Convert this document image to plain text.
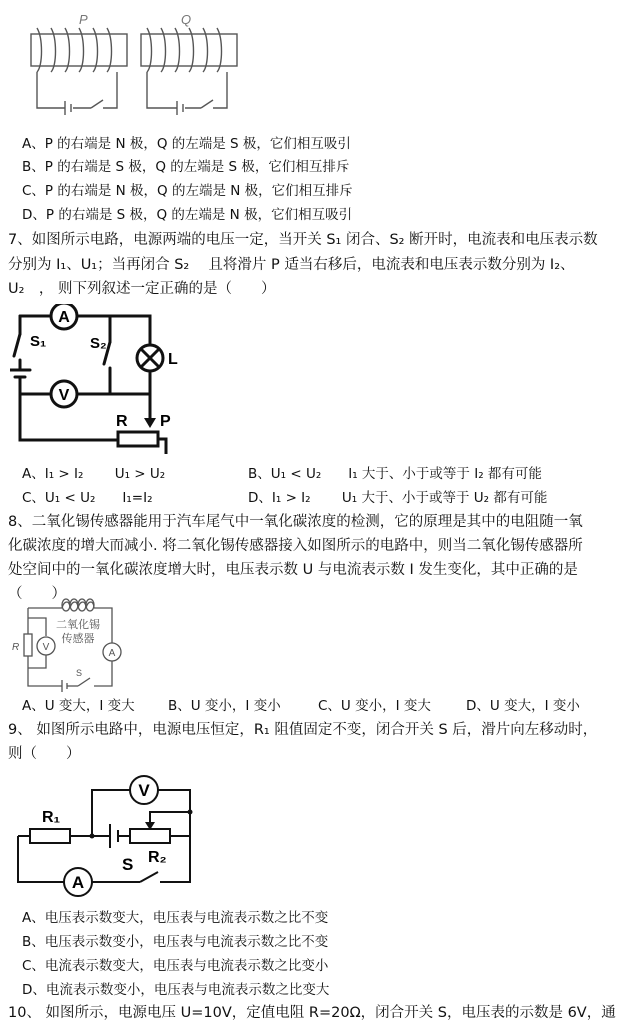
P	Q
A、P 的右端是 N 极，Q 的左端是 S 极，它们相互吸引
B、P 的右端是 S 极，Q 的左端是 S 极，它们相互排斥
C、P 的右端是 N 极，Q 的左端是 N 极，它们相互排斥
D、P 的右端是 S 极，Q 的左端是 N 极，它们相互吸引
7、如图所示电路，电源两端的电压一定，当开关 S₁ 闭合、S₂ 断开时，电流表和电压表示数
分别为 I₁、U₁；当再闭合 S₂　 且将滑片 P 适当右移后，电流表和电压表示数分别为 I₂、
U₂　， 则下列叙述一定正确的是（　　）
A
V
S₁	S₂
L
R P
A、I₁ > I₂　　 U₁ > U₂	B、U₁ < U₂　　I₁ 大于、小于或等于 I₂ 都有可能
C、U₁ < U₂　　I₁=I₂	D、I₁ > I₂　　 U₁ 大于、小于或等于 U₂ 都有可能
8、二氧化锡传感器能用于汽车尾气中一氧化碳浓度的检测，它的原理是其中的电阻随一氧
化碳浓度的增大而减小. 将二氧化锡传感器接入如图所示的电路中，则当二氧化锡传感器所
处空间中的一氧化碳浓度增大时，电压表示数 U 与电流表示数 I 发生变化，其中正确的是
（　　）
二氧化锡
传感器
R V
A
S
A、U 变大，I 变大 B、U 变小，I 变小	C、U 变小，I 变大	D、U 变大，I 变小
9、 如图所示电路中，电源电压恒定，R₁ 阻值固定不变，闭合开关 S 后，滑片向左移动时，
则（　　）
V
R₁
R₂
S
A
A、电压表示数变大，电压表与电流表示数之比不变
B、电压表示数变小，电压表与电流表示数之比不变
C、电流表示数变大，电压表与电流表示数之比变小
D、电流表示数变小，电压表与电流表示数之比变大
10、 如图所示，电源电压 U=10V，定值电阻 R=20Ω，闭合开关 S，电压表的示数是 6V，通
